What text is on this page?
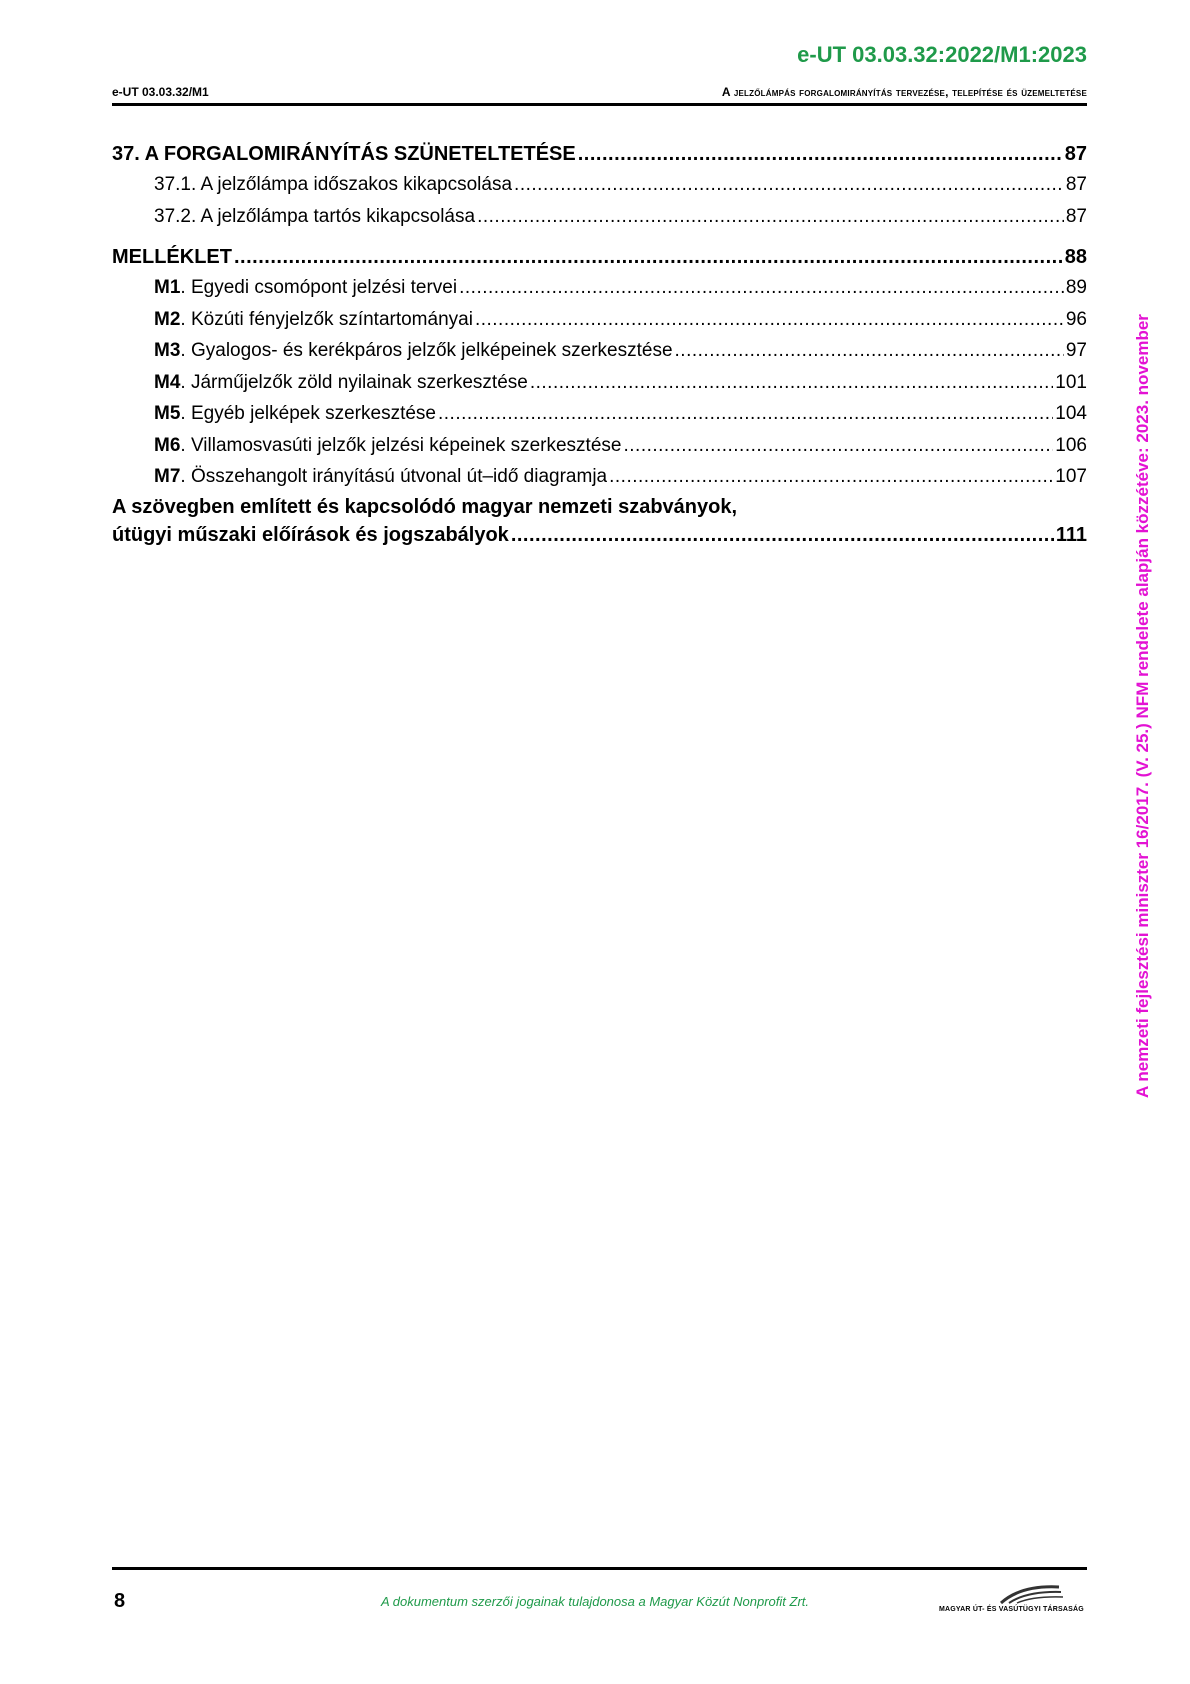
e-UT 03.03.32:2022/M1:2023
e-UT 03.03.32/M1	A jelzőlámpás forgalomirányítás tervezése, telepítése és üzemeltetése
37. A FORGALOMIRÁNYÍTÁS SZÜNETELTETÉSE .....	87
37.1. A jelzőlámpa időszakos kikapcsolása .....	87
37.2. A jelzőlámpa tartós kikapcsolása .....	87
MELLÉKLET .....	88
M1. Egyedi csomópont jelzési tervei .....	89
M2. Közúti fényjelzők színtartományai .....	96
M3. Gyalogos- és kerékpáros jelzők jelképeinek szerkesztése .....	97
M4. Járműjelzők zöld nyilainak szerkesztése .....	101
M5. Egyéb jelképek szerkesztése .....	104
M6. Villamosvasúti jelzők jelzési képeinek szerkesztése .....	106
M7. Összehangolt irányítású útvonal út–idő diagramja .....	107
A szövegben említett és kapcsolódó magyar nemzeti szabványok,
útügyi műszaki előírások és jogszabályok .....	111	A nemzeti fejlesztési miniszter 16/2017. (V. 25.) NFM rendelete alapján közzétéve: 2023. november
8	A dokumentum szerzői jogainak tulajdonosa a Magyar Közút Nonprofit Zrt.
MAGYAR ÚT- ÉS VASÚTÜGYI TÁRSASÁG
